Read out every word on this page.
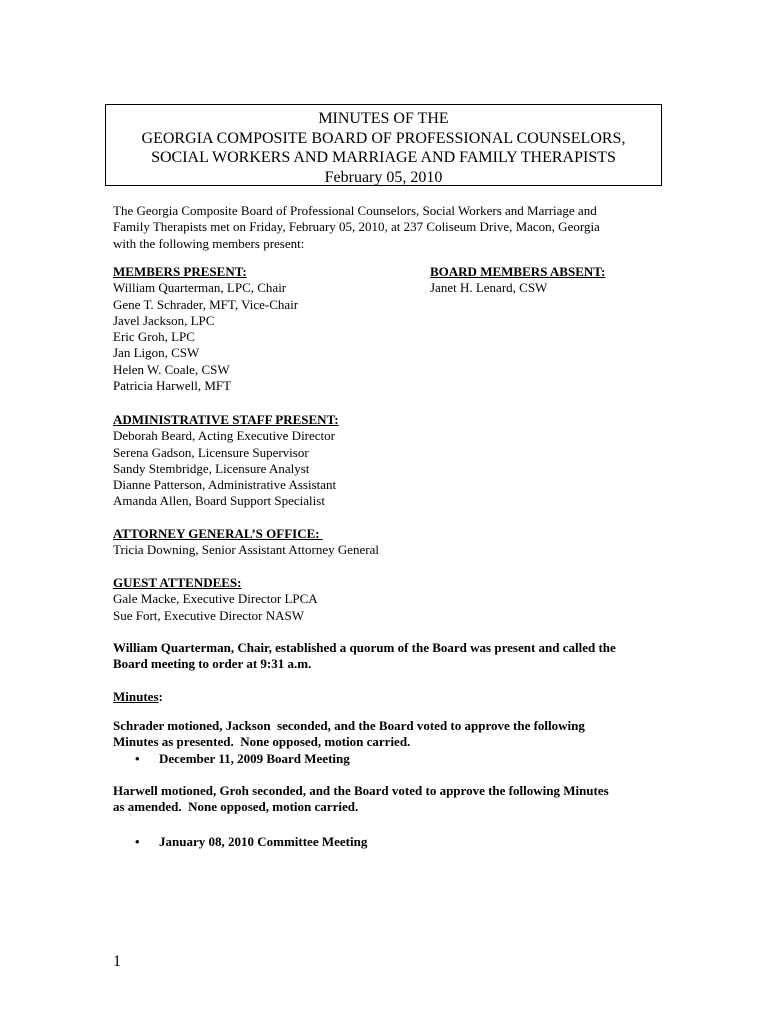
MINUTES OF THE
GEORGIA COMPOSITE BOARD OF PROFESSIONAL COUNSELORS,
SOCIAL WORKERS AND MARRIAGE AND FAMILY THERAPISTS
February 05, 2010
The Georgia Composite Board of Professional Counselors, Social Workers and Marriage and
Family Therapists met on Friday, February 05, 2010, at 237 Coliseum Drive, Macon, Georgia
with the following members present:
MEMBERS PRESENT:
William Quarterman, LPC, Chair
Gene T. Schrader, MFT, Vice-Chair
Javel Jackson, LPC
Eric Groh, LPC
Jan Ligon, CSW
Helen W. Coale, CSW
Patricia Harwell, MFT
BOARD MEMBERS ABSENT:
Janet H. Lenard, CSW
ADMINISTRATIVE STAFF PRESENT:
Deborah Beard, Acting Executive Director
Serena Gadson, Licensure Supervisor
Sandy Stembridge, Licensure Analyst
Dianne Patterson, Administrative Assistant
Amanda Allen, Board Support Specialist
ATTORNEY GENERAL’S OFFICE:
Tricia Downing, Senior Assistant Attorney General
GUEST ATTENDEES:
Gale Macke, Executive Director LPCA
Sue Fort, Executive Director NASW
William Quarterman, Chair, established a quorum of the Board was present and called the
Board meeting to order at 9:31 a.m.
Minutes:
Schrader motioned, Jackson  seconded, and the Board voted to approve the following
Minutes as presented.  None opposed, motion carried.
• December 11, 2009 Board Meeting
Harwell motioned, Groh seconded, and the Board voted to approve the following Minutes
as amended.  None opposed, motion carried.
• January 08, 2010 Committee Meeting
1
